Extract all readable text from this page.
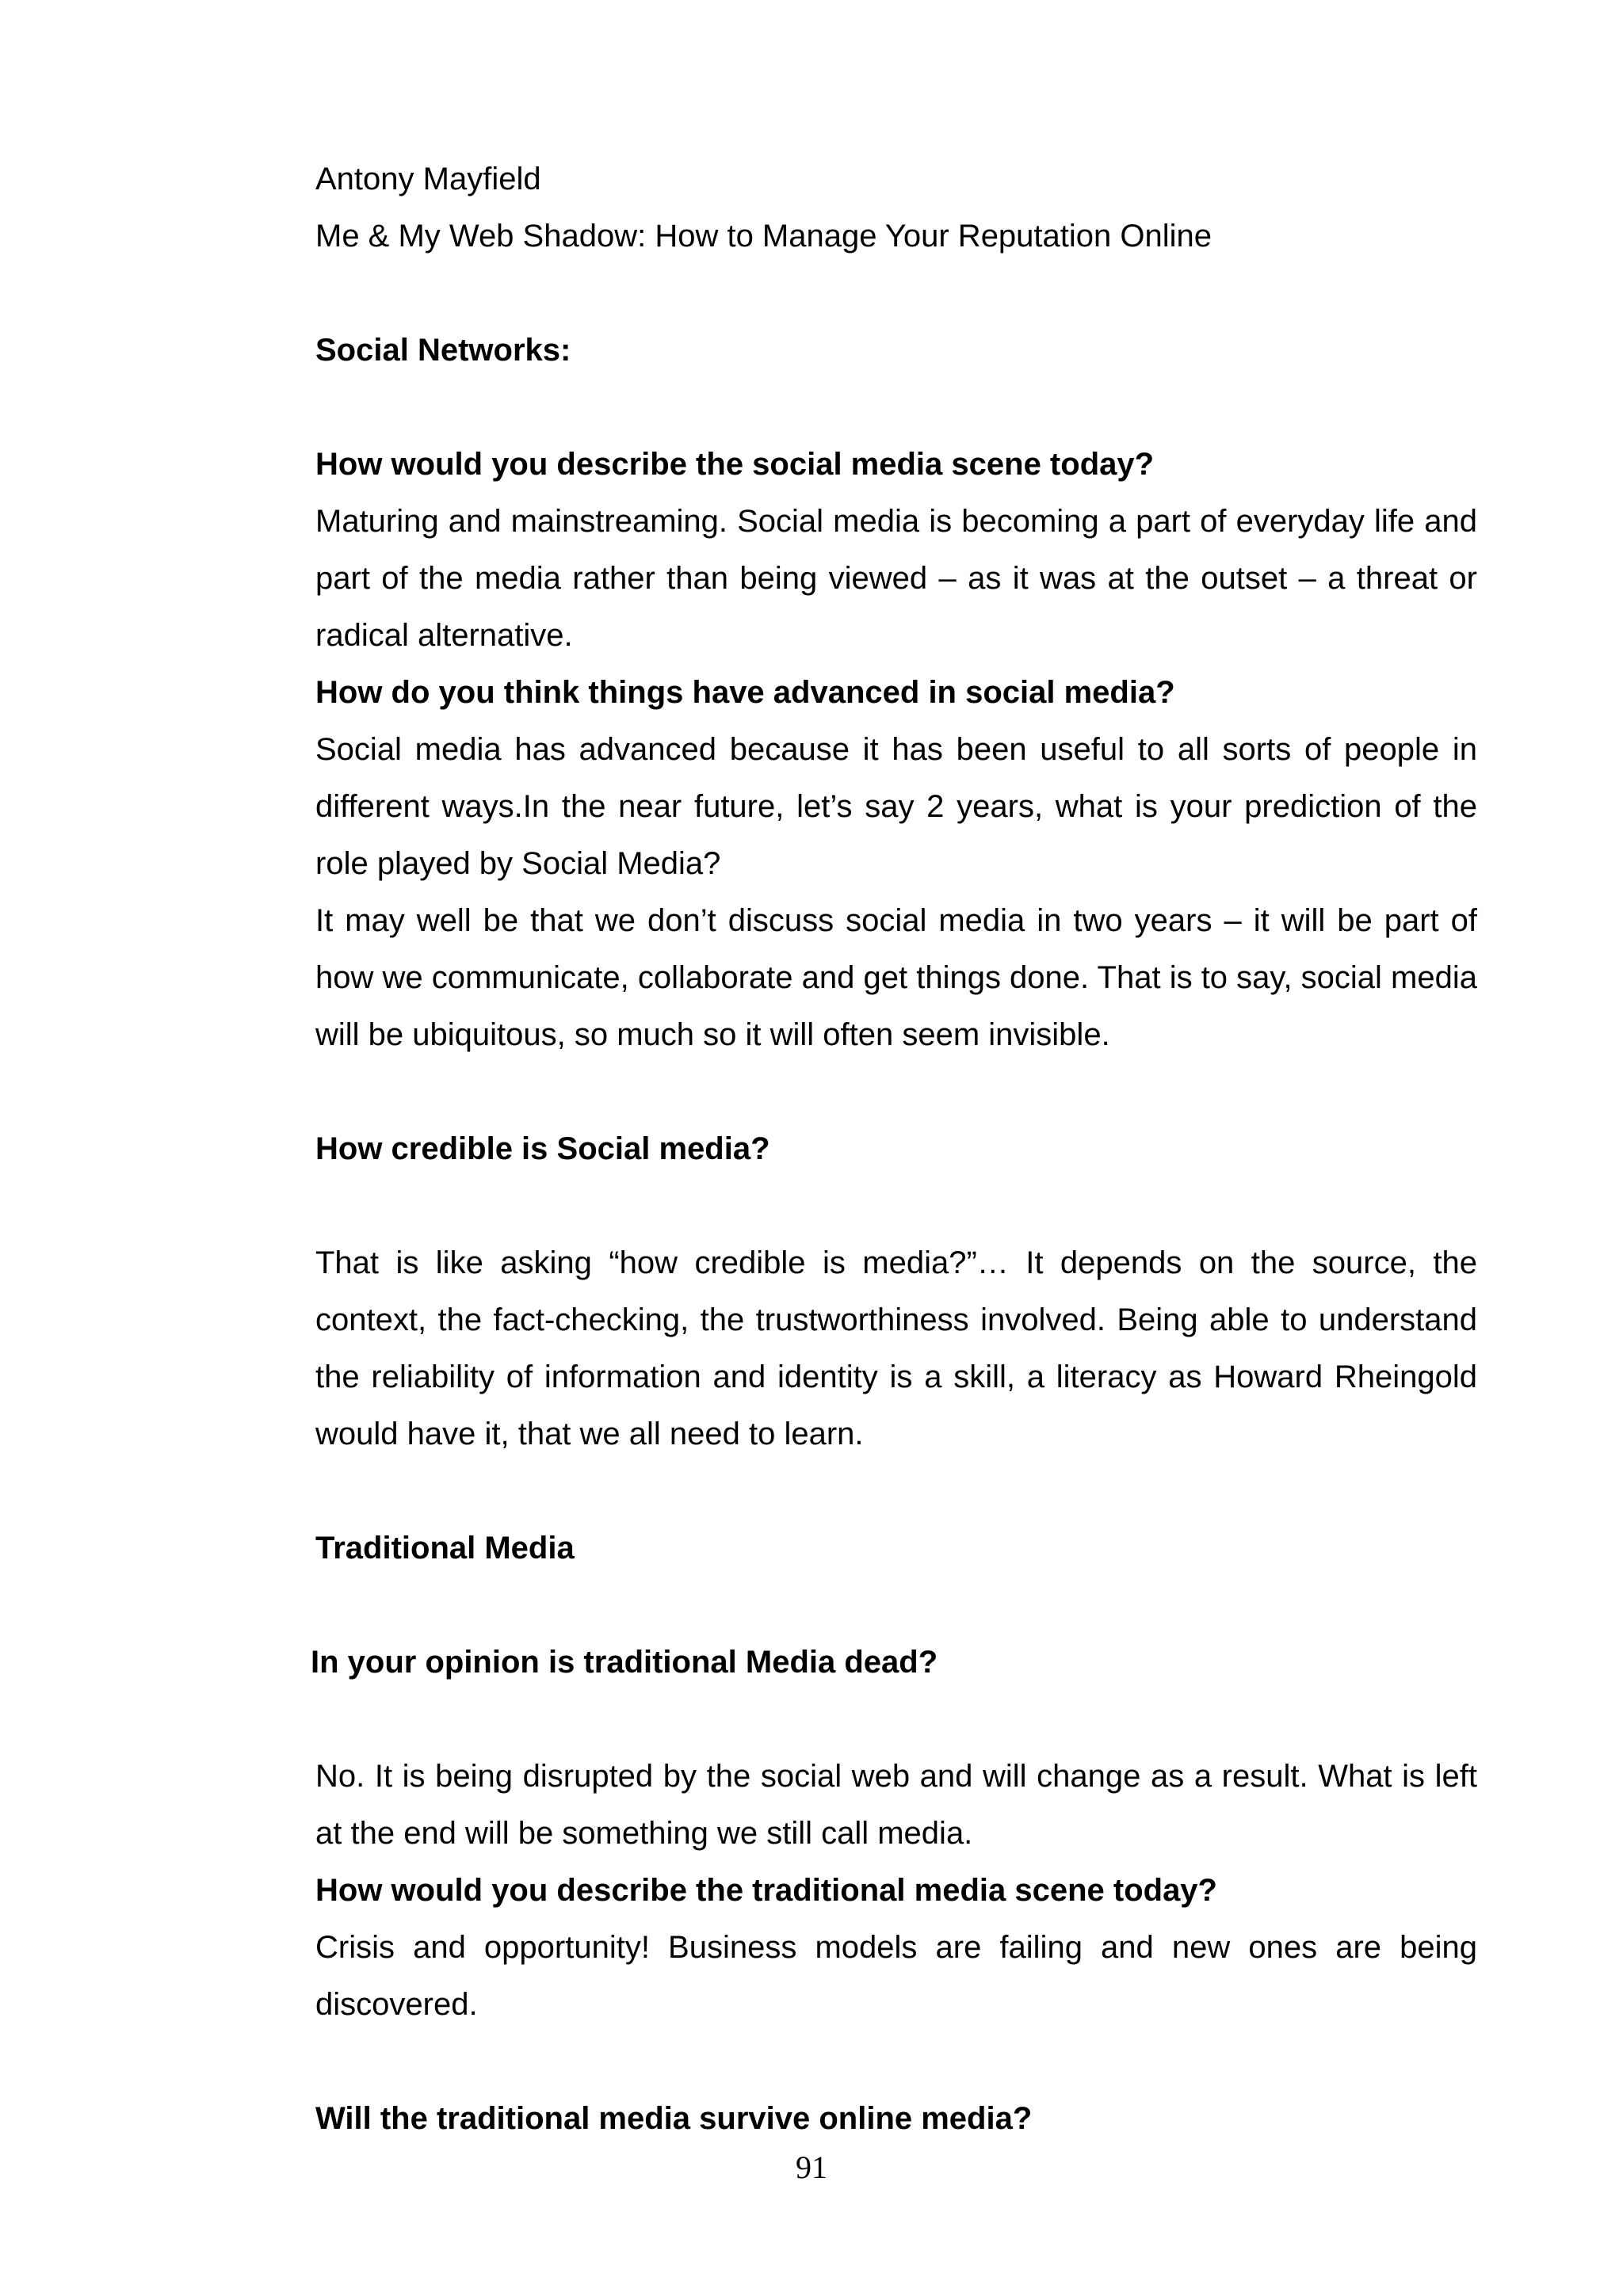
Antony Mayfield

Me & My Web Shadow: How to Manage Your Reputation Online

Social Networks:

How would you describe the social media scene today?

Maturing and mainstreaming. Social media is becoming a part of everyday life and part of the media rather than being viewed – as it was at the outset – a threat or radical alternative.

How do you think things have advanced in social media?

Social media has advanced because it has been useful to all sorts of people in different ways.In the near future, let’s say 2 years, what is your prediction of the role played by Social Media?

It may well be that we don’t discuss social media in two years – it will be part of how we communicate, collaborate and get things done. That is to say, social media will be ubiquitous, so much so it will often seem invisible.

How credible is Social media?

That is like asking “how credible is media?”… It depends on the source, the context, the fact-checking, the trustworthiness involved. Being able to understand the reliability of information and identity is a skill, a literacy as Howard Rheingold would have it, that we all need to learn.

Traditional Media

In your opinion is traditional Media dead?

No. It is being disrupted by the social web and will change as a result. What is left at the end will be something we still call media.

How would you describe the traditional media scene today?

Crisis and opportunity! Business models are failing and new ones are being discovered.

Will the traditional media survive online media?

91
